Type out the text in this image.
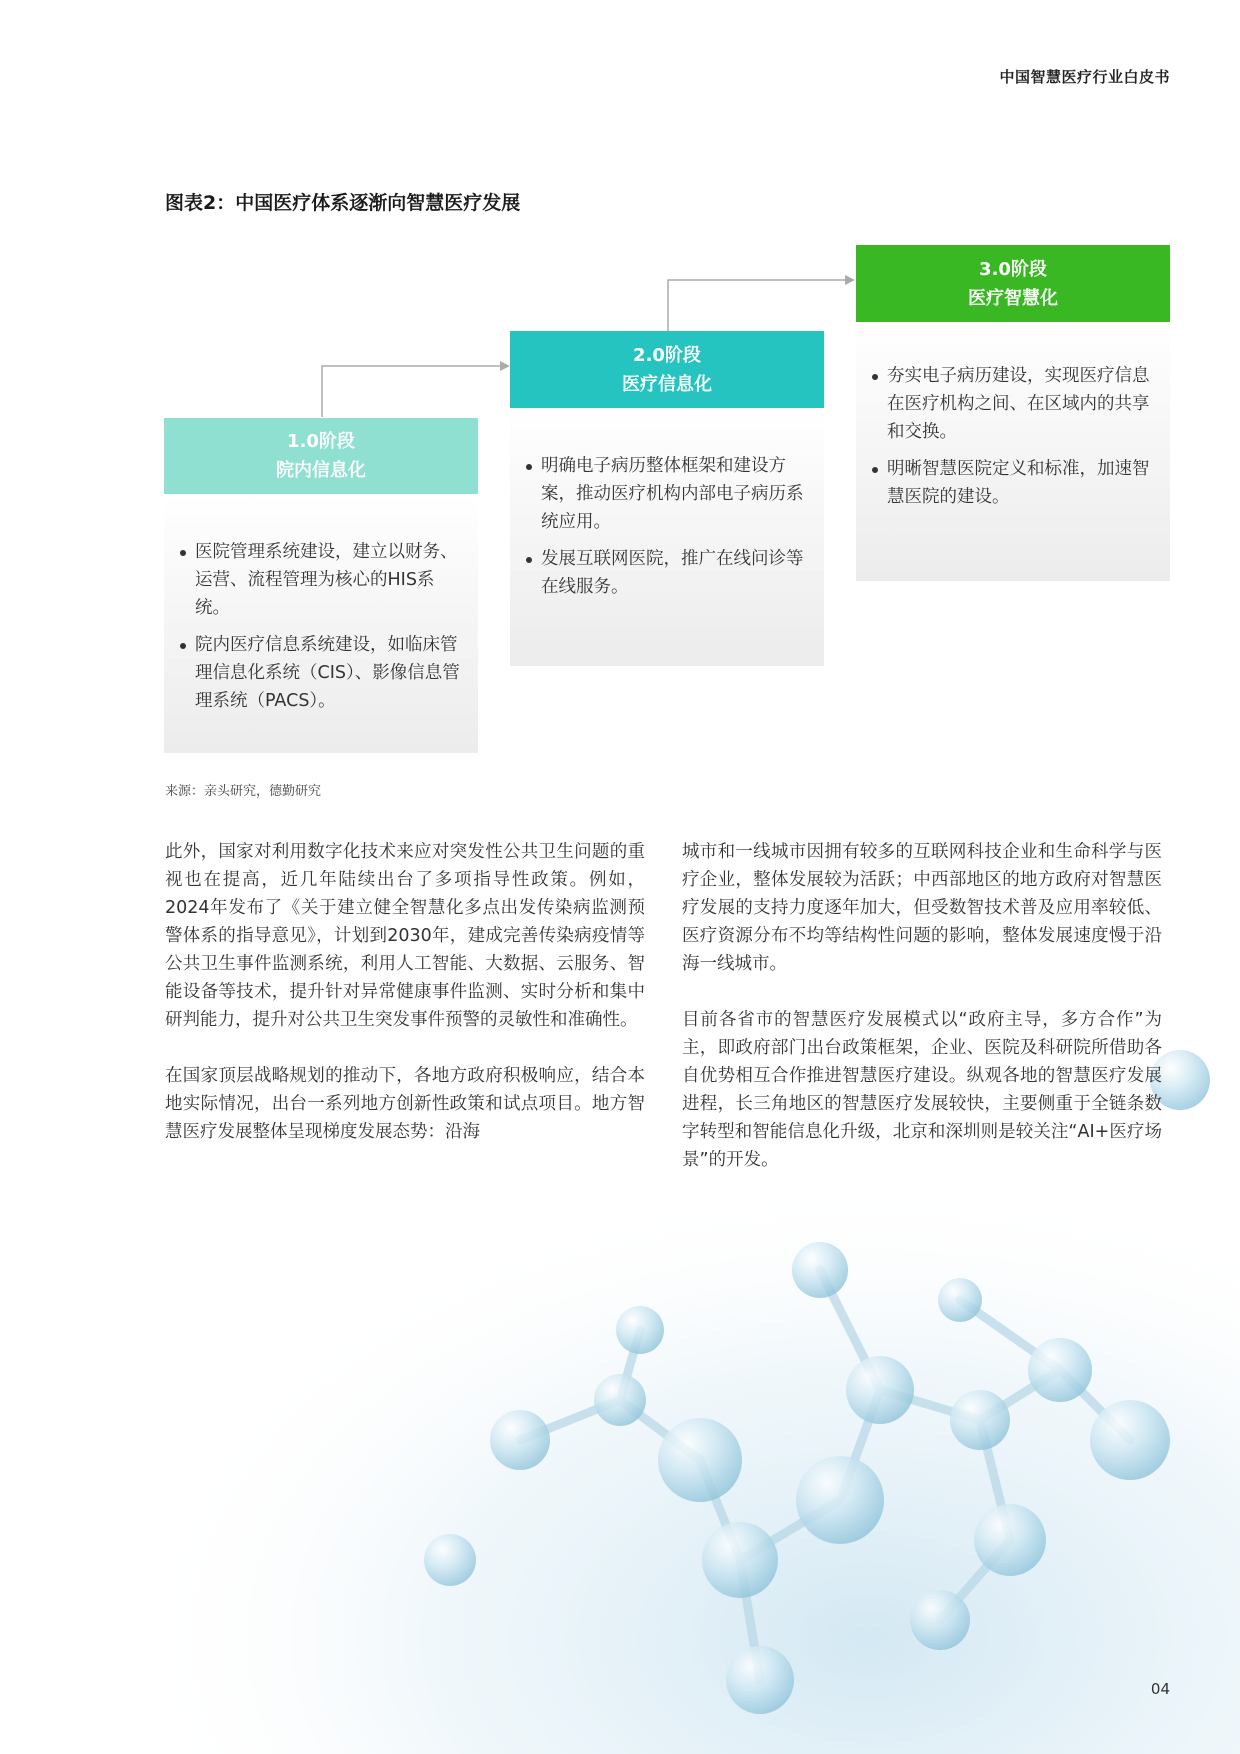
中国智慧医疗行业白皮书
图表2：中国医疗体系逐渐向智慧医疗发展
1.0阶段
院内信息化
医院管理系统建设，建立以财务、运营、流程管理为核心的HIS系统。
院内医疗信息系统建设，如临床管理信息化系统（CIS）、影像信息管理系统（PACS）。
2.0阶段
医疗信息化
明确电子病历整体框架和建设方案，推动医疗机构内部电子病历系统应用。
发展互联网医院，推广在线问诊等在线服务。
3.0阶段
医疗智慧化
夯实电子病历建设，实现医疗信息在医疗机构之间、在区域内的共享和交换。
明晰智慧医院定义和标准，加速智慧医院的建设。
来源：亲头研究，德勤研究

此外，国家对利用数字化技术来应对突发性公共卫生问题的重视也在提高，近几年陆续出台了多项指导性政策。例如，2024年发布了《关于建立健全智慧化多点出发传染病监测预警体系的指导意见》，计划到2030年，建成完善传染病疫情等公共卫生事件监测系统，利用人工智能、大数据、云服务、智能设备等技术，提升针对异常健康事件监测、实时分析和集中研判能力，提升对公共卫生突发事件预警的灵敏性和准确性。

在国家顶层战略规划的推动下，各地方政府积极响应，结合本地实际情况，出台一系列地方创新性政策和试点项目。地方智慧医疗发展整体呈现梯度发展态势：沿海

城市和一线城市因拥有较多的互联网科技企业和生命科学与医疗企业，整体发展较为活跃；中西部地区的地方政府对智慧医疗发展的支持力度逐年加大，但受数智技术普及应用率较低、医疗资源分布不均等结构性问题的影响，整体发展速度慢于沿海一线城市。

目前各省市的智慧医疗发展模式以“政府主导，多方合作”为主，即政府部门出台政策框架，企业、医院及科研院所借助各自优势相互合作推进智慧医疗建设。纵观各地的智慧医疗发展进程，长三角地区的智慧医疗发展较快，主要侧重于全链条数字转型和智能信息化升级，北京和深圳则是较关注“AI+医疗场景”的开发。

04
